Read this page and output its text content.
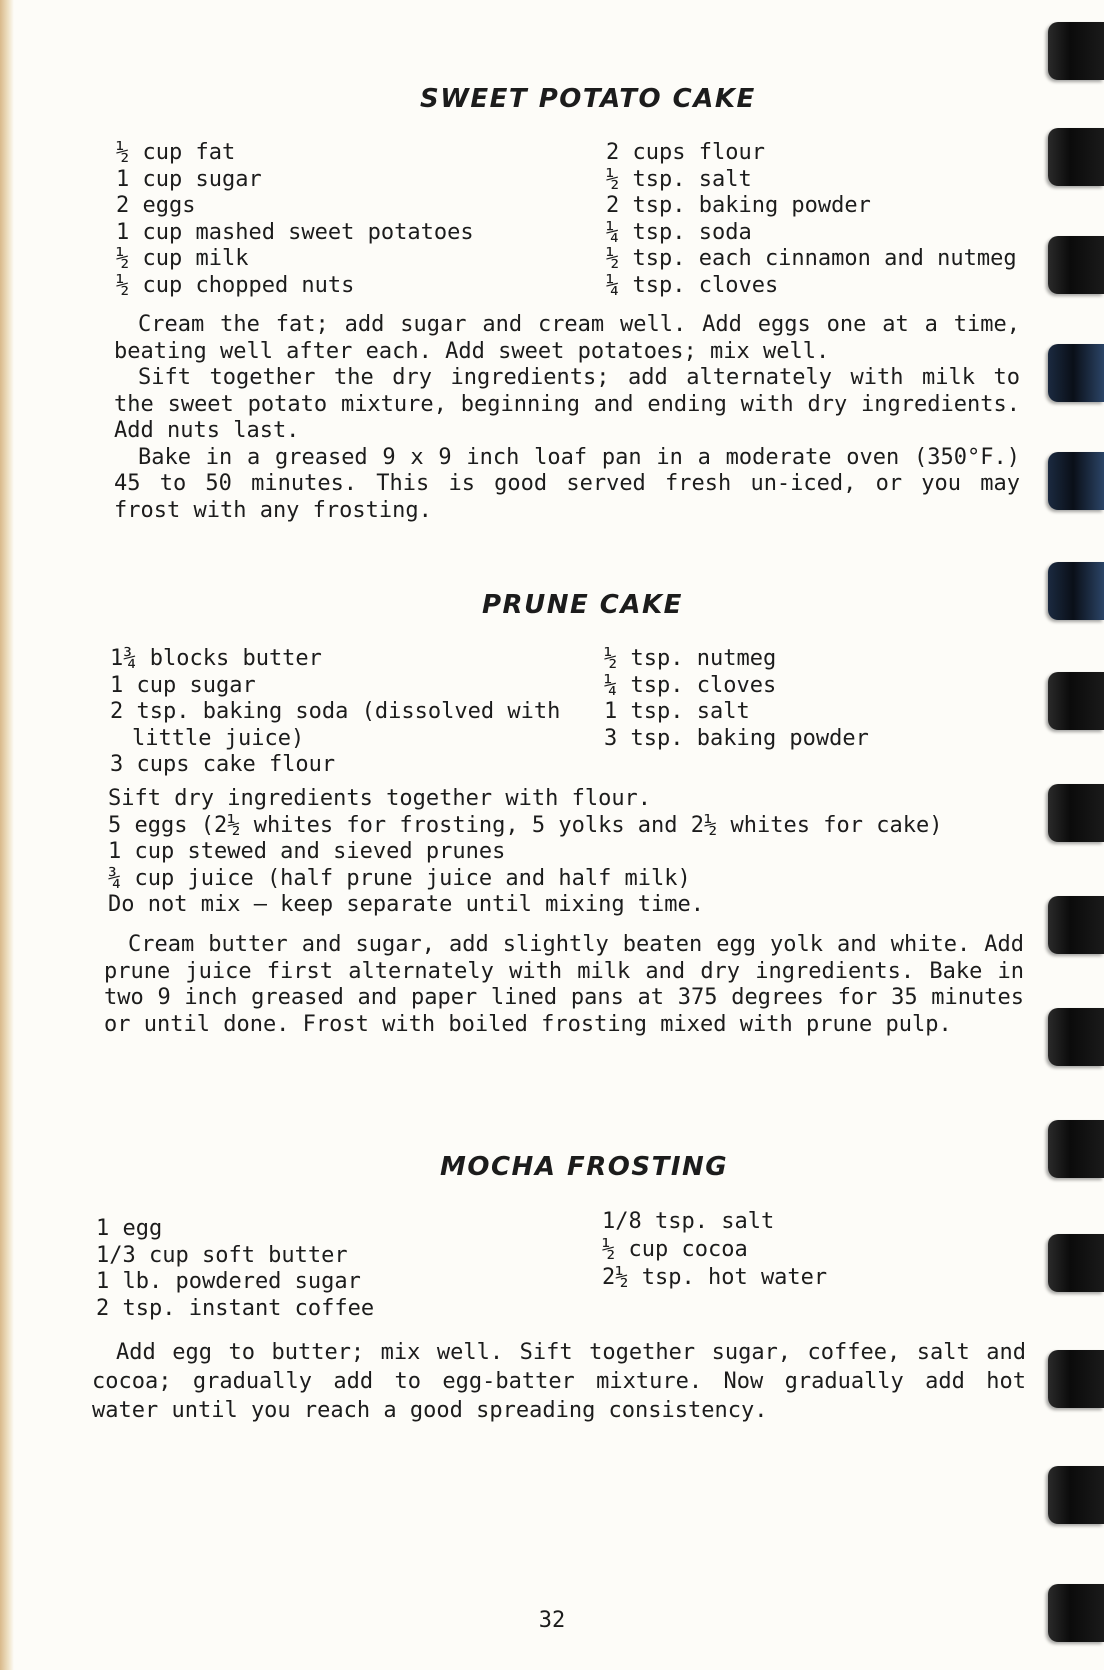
SWEET POTATO CAKE
½ cup fat
1 cup sugar
2 eggs
1 cup mashed sweet potatoes
½ cup milk
½ cup chopped nuts
2 cups flour
½ tsp. salt
2 tsp. baking powder
¼ tsp. soda
½ tsp. each cinnamon and nutmeg
¼ tsp. cloves

Cream the fat; add sugar and cream well. Add eggs one at a time, beating well after each. Add sweet potatoes; mix well.

Sift together the dry ingredients; add alternately with milk to the sweet potato mixture, beginning and ending with dry ingredients. Add nuts last.

Bake in a greased 9 x 9 inch loaf pan in a moderate oven (350°F.) 45 to 50 minutes. This is good served fresh un-iced, or you may frost with any frosting.

PRUNE CAKE
1¾ blocks butter
1 cup sugar
2 tsp. baking soda (dissolved with
little juice)
3 cups cake flour
½ tsp. nutmeg
¼ tsp. cloves
1 tsp. salt
3 tsp. baking powder
Sift dry ingredients together with flour.
5 eggs (2½ whites for frosting, 5 yolks and 2½ whites for cake)
1 cup stewed and sieved prunes
¾ cup juice (half prune juice and half milk)
Do not mix — keep separate until mixing time.

Cream butter and sugar, add slightly beaten egg yolk and white. Add prune juice first alternately with milk and dry ingredients. Bake in two 9 inch greased and paper lined pans at 375 degrees for 35 minutes or until done. Frost with boiled frosting mixed with prune pulp.

MOCHA FROSTING
1 egg
1/3 cup soft butter
1 lb. powdered sugar
2 tsp. instant coffee
1/8 tsp. salt
½ cup cocoa
2½ tsp. hot water

Add egg to butter; mix well. Sift together sugar, coffee, salt and cocoa; gradually add to egg-batter mixture. Now gradually add hot water until you reach a good spreading consistency.

32
